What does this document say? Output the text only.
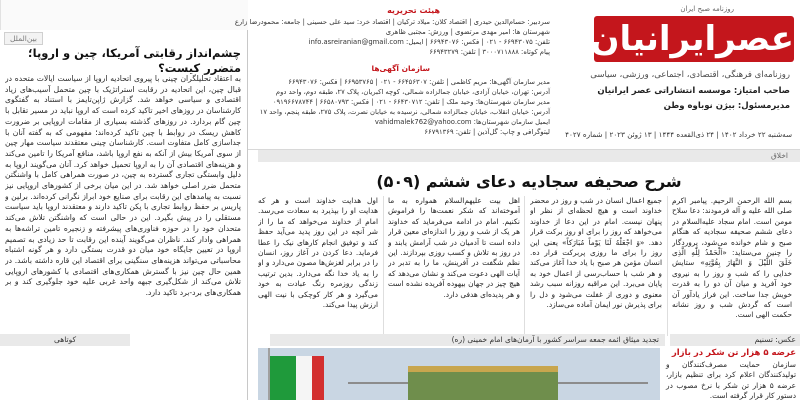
هیئت تحریریه

سردبیر: حسام‌الدین حیدری | اقتصاد کلان: میلاد ترکیان | اقتصاد خرد: سید علی حسینی | جامعه: محمودرضا زارع

شهرستان ها: امیر مهدی مرتضوی | ورزش: مجتبی ظاهری

تلفن: ۶۶۹۴۳۰۷۵ - ۰۲۱ | فکس: ۶۶۹۴۳۰۷۶ | ایمیل: info.asreiranian@gmail.com

پیام کوتاه: ۳۰۰۰۷۱۱۸۸۸ | تلفن: ۶۶۹۴۳۲۷۹

سازمان آگهی‌ها

مدیر سازمان آگهی‌ها: مریم کاظمی | تلفن: ۶۶۴۵۶۳۰۷ - ۰۲۱ | ۶۶۹۵۳۷۶۵ | فکس: ۶۶۹۴۳۰۷۶

آدرس: تهران، خیابان آزادی، خیابان جمالزاده شمالی، کوچه اکبریان، پلاک ۲۷، طبقه دوم، واحد دوم

مدیر سازمان شهرستان‌ها: وحید ملک | تلفن: ۶۶۴۳۰۷۱۲ - ۰۲۱ | فکس: ۶۶۵۸۰۷۹۳ | ۰۹۱۹۶۶۷۸۷۴۴

آدرس: خیابان انقلاب، خیابان جمالزاده شمالی، نرسیده به خیابان نصرت، پلاک ۲۷۵، طبقه پنجم، واحد ۱۷

ایمیل سازمان شهرستان‌ها: vahidmalek762@yahoo.com

لیتوگرافی و چاپ: گل‌آذین | تلفن: ۶۶۷۹۱۳۶۹

روزنامه صبح ایران
عصرایرانیان
روزنامه‌ای فرهنگی، اقتصادی، اجتماعی، ورزشی، سیاسی
صاحب امتیاز: موسسه انتشاراتی عصر ایرانیان
مدیرمسئول: بیژن نوباوه وطن
سه‌شنبه ۲۲ خرداد ۱۴۰۲ | ۲۴ ذی‌القعده ۱۴۴۴ | ۱۳ ژوئن ۲۰۲۳ | شماره ۴۰۲۷
بین‌الملل
چشم‌انداز رقابتی آمریکا، چین و اروپا؛ متضرر کیست؟
به اعتقاد تحلیلگران چینی با پیروی اتحادیه اروپا از سیاست ایالات متحده در قبال چین، این اتحادیه در رقابت استراتژیک با چین متحمل آسیب‌های زیاد اقتصادی و سیاسی خواهد شد. گزارش ژاپن‌تایمز با استناد به گفتگوی کارشناسان در روزهای اخیر تاکید کرده است که اروپا نباید در مسیر تقابل با چین گام بردارد. در روزهای گذشته بسیاری از مقامات اروپایی بر ضرورت کاهش ریسک در روابط با چین تاکید کرده‌اند؛ مفهومی که به گفته آنان با جداسازی کامل متفاوت است. کارشناسان چینی معتقدند سیاست مهار چین از سوی آمریکا بیش از آنکه به نفع اروپا باشد، منافع آمریکا را تامین می‌کند و هزینه‌های اقتصادی آن را به اروپا تحمیل خواهد کرد. آنان می‌گویند اروپا به دلیل وابستگی تجاری گسترده به چین، در صورت همراهی کامل با واشنگتن متحمل ضرر اصلی خواهد شد. در این میان برخی از کشورهای اروپایی نیز نسبت به پیامدهای این رقابت برای صنایع خود ابراز نگرانی کرده‌اند. برلین و پاریس بر حفظ روابط تجاری با پکن تاکید دارند و معتقدند اروپا باید سیاست مستقلی را در پیش بگیرد. این در حالی است که واشنگتن تلاش می‌کند متحدان خود را در حوزه فناوری‌های پیشرفته و زنجیره تامین تراشه‌ها به همراهی وادار کند. ناظران می‌گویند آینده این رقابت تا حد زیادی به تصمیم اروپا در تعیین جایگاه خود میان دو قدرت بستگی دارد و هر گونه اشتباه محاسباتی می‌تواند هزینه‌های سنگینی برای اقتصاد این قاره داشته باشد. در همین حال چین نیز با گسترش همکاری‌های اقتصادی با کشورهای اروپایی تلاش می‌کند از شکل‌گیری جبهه واحد غربی علیه خود جلوگیری کند و بر همکاری‌های برد-برد تاکید دارد.
اخلاق
شرح صحیفه سجادیه دعای ششم (۵۰۹)
بسم الله الرحمن الرحیم. پیامبر اکرم صلی الله علیه و آله فرمودند: دعا سلاح مومن است. امام سجاد علیه‌السلام در دعای ششم صحیفه سجادیه که هنگام صبح و شام خوانده می‌شود، پروردگار را چنین می‌ستاید: «اَلْحَمْدُ لِلّٰهِ الَّذِی خَلَقَ اللَّیْلَ وَ النَّهَارَ بِقُوَّتِهِ» ستایش خدایی را که شب و روز را به نیروی خود آفرید و میان آن دو را به قدرت خویش جدا ساخت. این فراز یادآور آن است که گردش شب و روز نشانه حکمت الهی است.
جمیع اعمال انسان در شب و روز در محضر خداوند است و هیچ لحظه‌ای از نظر او پنهان نیست. امام در این دعا از خداوند می‌خواهد که روز را برای او روز برکت قرار دهد. «وَ اجْعَلْهُ لَنَا یَوْماً مُبَارَکاً» یعنی این روز را برای ما روزی پربرکت قرار ده. انسان مؤمن هر صبح با یاد خدا آغاز می‌کند و هر شب با حساب‌رسی از اعمال خود به پایان می‌برد. این مراقبه روزانه سبب رشد معنوی و دوری از غفلت می‌شود و دل را برای پذیرش نور ایمان آماده می‌سازد.
اهل بیت علیهم‌السلام همواره به ما آموخته‌اند که شکر نعمت‌ها را فراموش نکنیم. امام در ادامه می‌فرماید که خداوند هر یک از شب و روز را اندازه‌ای معین قرار داده است تا آدمیان در شب آرامش یابند و در روز به تلاش و کسب روزی بپردازند. این نظم شگفت در آفرینش، ما را به تدبر در آیات الهی دعوت می‌کند و نشان می‌دهد که هیچ چیز در جهان بیهوده آفریده نشده است و هر پدیده‌ای هدفی دارد.
اول هدایت خداوند است و هر که هدایت او را بپذیرد به سعادت می‌رسد. امام از خداوند می‌خواهد که ما را از شر آنچه در این روز پدید می‌آید حفظ کند و توفیق انجام کارهای نیک را عطا فرماید. دعا کردن در آغاز روز، انسان را در برابر لغزش‌ها مصون می‌دارد و او را به یاد خدا نگه می‌دارد. بدین ترتیب زندگی روزمره رنگ عبادت به خود می‌گیرد و هر کار کوچکی با نیت الهی ارزش پیدا می‌کند.
کوتاهی	تجدید میثاق ائمه جمعه سراسر کشور با آرمان‌های امام خمینی (ره)	عکس: تسنیم
عرضه ۵ هزار تن شکر در بازار
سازمان حمایت مصرف‌کنندگان و تولیدکنندگان اعلام کرد برای تنظیم بازار، عرضه ۵ هزار تن شکر با نرخ مصوب در دستور کار قرار گرفته است.
